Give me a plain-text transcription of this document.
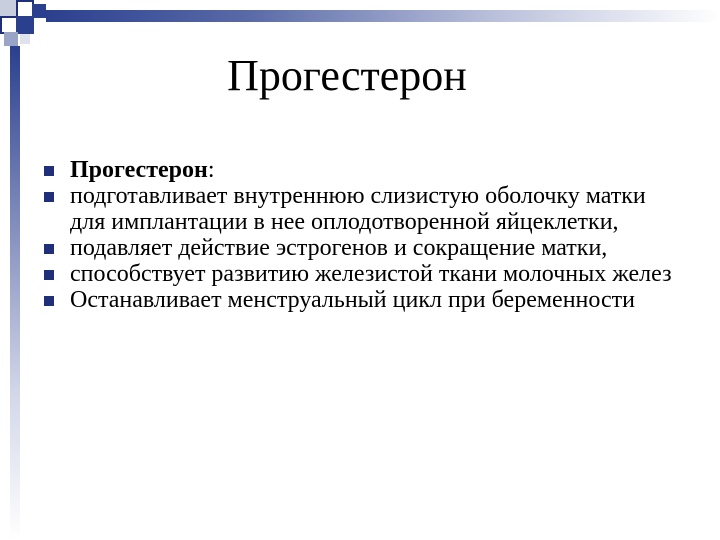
Прогестерон
Прогестерон:
подготавливает внутреннюю слизистую оболочку матки для имплантации в нее оплодотворенной яйцеклетки,
подавляет действие эстрогенов и сокращение матки,
способствует развитию железистой ткани молочных желез
Останавливает менструальный цикл при беременности
